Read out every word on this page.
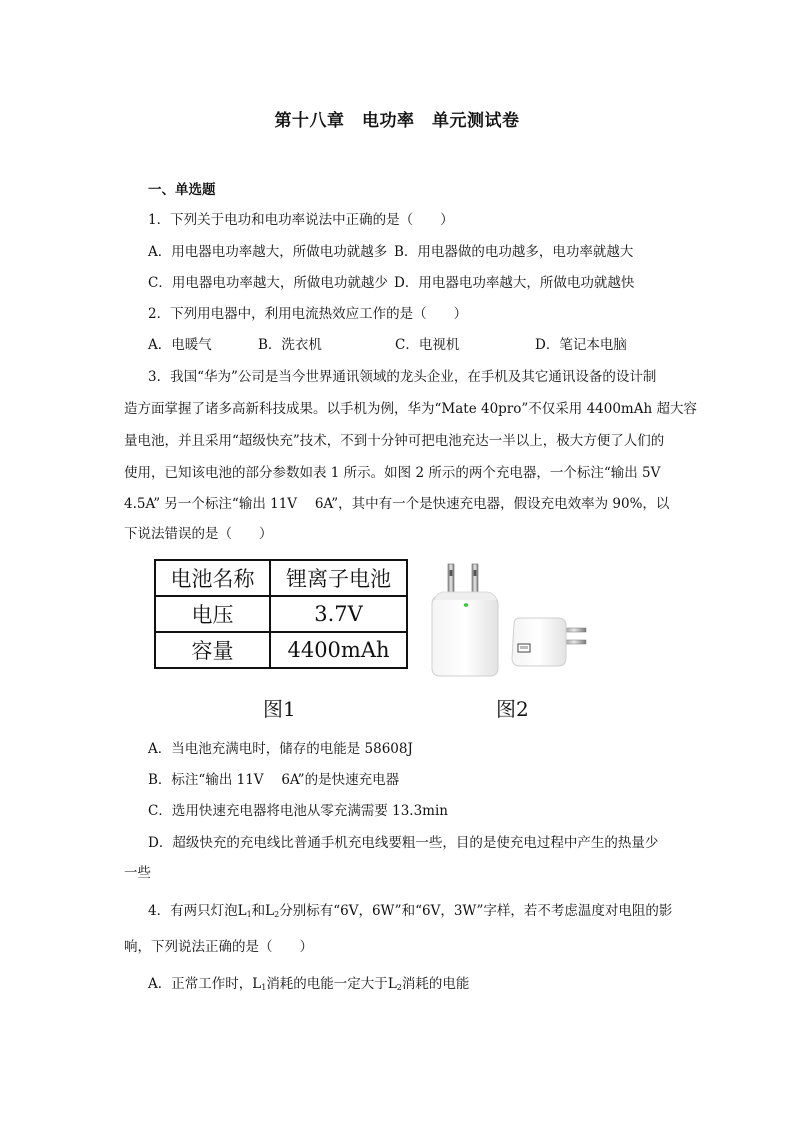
第十八章　电功率　单元测试卷
一、单选题
1．下列关于电功和电功率说法中正确的是（　　）
A．用电器电功率越大，所做电功就越多 B．用电器做的电功越多，电功率就越大
C．用电器电功率越大，所做电功就越少 D．用电器电功率越大，所做电功就越快
2．下列用电器中，利用电流热效应工作的是（　　）
A．电暖气	B．洗衣机	C．电视机	D．笔记本电脑
3．我国“华为”公司是当今世界通讯领域的龙头企业，在手机及其它通讯设备的设计制
造方面掌握了诸多高新科技成果。以手机为例，华为“Mate 40pro”不仅采用 4400mAh 超大容
量电池，并且采用“超级快充”技术，不到十分钟可把电池充达一半以上，极大方便了人们的
使用，已知该电池的部分参数如表 1 所示。如图 2 所示的两个充电器，一个标注“输出 5V
4.5A” 另一个标注“输出 11V　 6A”，其中有一个是快速充电器，假设充电效率为 90%，以
下说法错误的是（　　）
电池名称	锂离子电池
电压	3.7V
容量	4400mAh
图1	图2
A．当电池充满电时，储存的电能是 58608J
B．标注“输出 11V　 6A”的是快速充电器
C．选用快速充电器将电池从零充满需要 13.3min
D．超级快充的充电线比普通手机充电线要粗一些，目的是使充电过程中产生的热量少
一些
4．有两只灯泡$L_1$和$L_2$分别标有“6V，6W”和“6V，3W”字样，若不考虑温度对电阻的影
响，下列说法正确的是（　　）
A．正常工作时，$L_1$消耗的电能一定大于$L_2$消耗的电能
